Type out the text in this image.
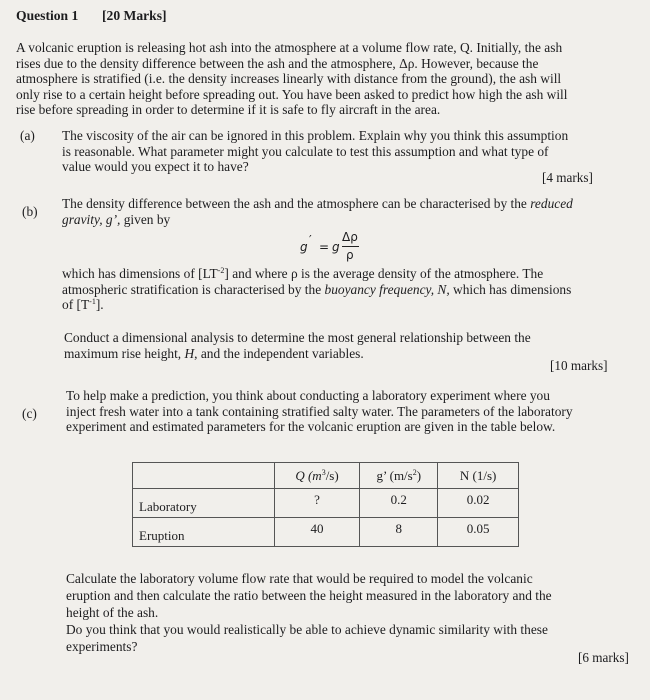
Question 1 [20 Marks]
A volcanic eruption is releasing hot ash into the atmosphere at a volume flow rate, Q. Initially, the ash
rises due to the density difference between the ash and the atmosphere, Δρ. However, because the
atmosphere is stratified (i.e. the density increases linearly with distance from the ground), the ash will
only rise to a certain height before spreading out. You have been asked to predict how high the ash will
rise before spreading in order to determine if it is safe to fly aircraft in the area.
(a) The viscosity of the air can be ignored in this problem. Explain why you think this assumption
is reasonable. What parameter might you calculate to test this assumption and what type of
value would you expect it to have?
[4 marks]
(b)
The density difference between the ash and the atmosphere can be characterised by the reduced
gravity, g’, given by
g ′ = g
Δρ
ρ
which has dimensions of $[LT^{-2}]$ and where ρ is the average density of the atmosphere. The
atmospheric stratification is characterised by the buoyancy frequency, N, which has dimensions
of $[T^{-1}]$.
Conduct a dimensional analysis to determine the most general relationship between the
maximum rise height, H, and the independent variables.
[10 marks]
(c)
To help make a prediction, you think about conducting a laboratory experiment where you
inject fresh water into a tank containing stratified salty water. The parameters of the laboratory
experiment and estimated parameters for the volcanic eruption are given in the table below.
	Q $(m^3/s)$	g’ $(m/s^2)$	N (1/s)
Laboratory	?	0.2	0.02
Eruption	40	8	0.05
Calculate the laboratory volume flow rate that would be required to model the volcanic
eruption and then calculate the ratio between the height measured in the laboratory and the
height of the ash.
Do you think that you would realistically be able to achieve dynamic similarity with these
experiments?
[6 marks]
